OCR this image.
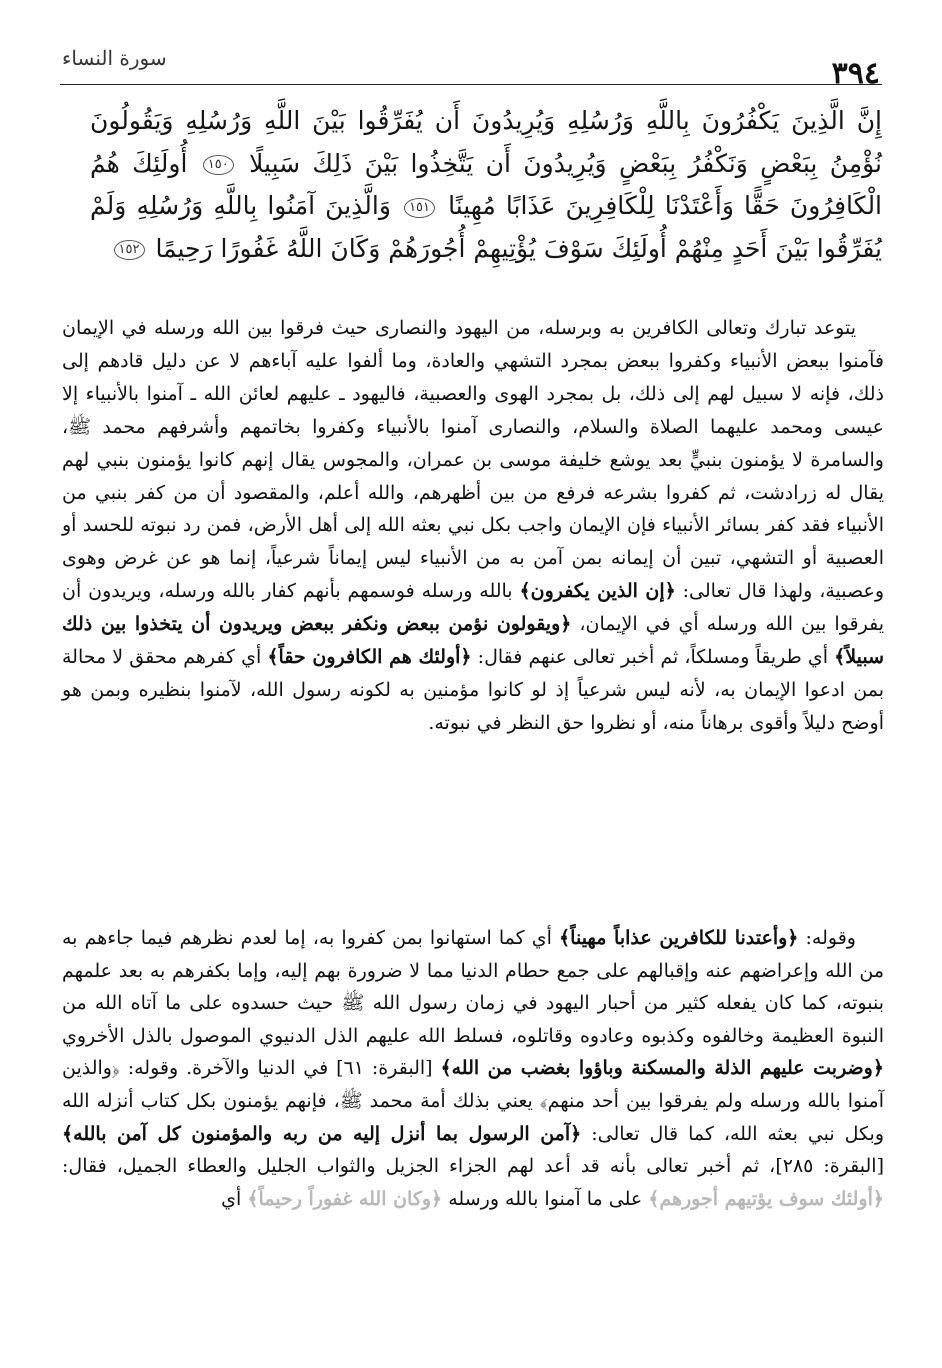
٣٩٤
سورة النساء
إِنَّ الَّذِينَ يَكْفُرُونَ بِاللَّهِ وَرُسُلِهِ وَيُرِيدُونَ أَن يُفَرِّقُوا بَيْنَ اللَّهِ وَرُسُلِهِ وَيَقُولُونَ نُؤْمِنُ بِبَعْضٍ وَنَكْفُرُ بِبَعْضٍ وَيُرِيدُونَ أَن يَتَّخِذُوا بَيْنَ ذَلِكَ سَبِيلًا ١٥٠ أُولَئِكَ هُمُ الْكَافِرُونَ حَقًّا وَأَعْتَدْنَا لِلْكَافِرِينَ عَذَابًا مُهِينًا ١٥١ وَالَّذِينَ آمَنُوا بِاللَّهِ وَرُسُلِهِ وَلَمْ يُفَرِّقُوا بَيْنَ أَحَدٍ مِنْهُمْ أُولَئِكَ سَوْفَ يُؤْتِيهِمْ أُجُورَهُمْ وَكَانَ اللَّهُ غَفُورًا رَحِيمًا ١٥٢

يتوعد تبارك وتعالى الكافرين به وبرسله، من اليهود والنصارى حيث فرقوا بين الله ورسله في الإيمان فآمنوا ببعض الأنبياء وكفروا ببعض بمجرد التشهي والعادة، وما ألفوا عليه آباءهم لا عن دليل قادهم إلى ذلك، فإنه لا سبيل لهم إلى ذلك، بل بمجرد الهوى والعصبية، فاليهود ـ عليهم لعائن الله ـ آمنوا بالأنبياء إلا عيسى ومحمد عليهما الصلاة والسلام، والنصارى آمنوا بالأنبياء وكفروا بخاتمهم وأشرفهم محمد ﷺ، والسامرة لا يؤمنون بنبيٍّ بعد يوشع خليفة موسى بن عمران، والمجوس يقال إنهم كانوا يؤمنون بنبي لهم يقال له زرادشت، ثم كفروا بشرعه فرفع من بين أظهرهم، والله أعلم، والمقصود أن من كفر بنبي من الأنبياء فقد كفر بسائر الأنبياء فإن الإيمان واجب بكل نبي بعثه الله إلى أهل الأرض، فمن رد نبوته للحسد أو العصبية أو التشهي، تبين أن إيمانه بمن آمن به من الأنبياء ليس إيماناً شرعياً، إنما هو عن غرض وهوى وعصبية، ولهذا قال تعالى: ﴿إن الذين يكفرون﴾ بالله ورسله فوسمهم بأنهم كفار بالله ورسله، ويريدون أن يفرقوا بين الله ورسله أي في الإيمان، ﴿ويقولون نؤمن ببعض ونكفر ببعض ويريدون أن يتخذوا بين ذلك سبيلاً﴾ أي طريقاً ومسلكاً، ثم أخبر تعالى عنهم فقال: ﴿أولئك هم الكافرون حقاً﴾ أي كفرهم محقق لا محالة بمن ادعوا الإيمان به، لأنه ليس شرعياً إذ لو كانوا مؤمنين به لكونه رسول الله، لآمنوا بنظيره وبمن هو أوضح دليلاً وأقوى برهاناً منه، أو نظروا حق النظر في نبوته.

وقوله: ﴿وأعتدنا للكافرين عذاباً مهيناً﴾ أي كما استهانوا بمن كفروا به، إما لعدم نظرهم فيما جاءهم به من الله وإعراضهم عنه وإقبالهم على جمع حطام الدنيا مما لا ضرورة بهم إليه، وإما بكفرهم به بعد علمهم بنبوته، كما كان يفعله كثير من أحبار اليهود في زمان رسول الله ﷺ حيث حسدوه على ما آتاه الله من النبوة العظيمة وخالفوه وكذبوه وعادوه وقاتلوه، فسلط الله عليهم الذل الدنيوي الموصول بالذل الأخروي ﴿وضربت عليهم الذلة والمسكنة وباؤوا بغضب من الله﴾ [البقرة: ٦١] في الدنيا والآخرة. وقوله: ﴿والذين آمنوا بالله ورسله ولم يفرقوا بين أحد منهم﴾ يعني بذلك أمة محمد ﷺ، فإنهم يؤمنون بكل كتاب أنزله الله وبكل نبي بعثه الله، كما قال تعالى: ﴿آمن الرسول بما أنزل إليه من ربه والمؤمنون كل آمن بالله﴾ [البقرة: ٢٨٥]، ثم أخبر تعالى بأنه قد أعد لهم الجزاء الجزيل والثواب الجليل والعطاء الجميل، فقال: ﴿أولئك سوف يؤتيهم أجورهم﴾ على ما آمنوا بالله ورسله ﴿وكان الله غفوراً رحيماً﴾ أي
